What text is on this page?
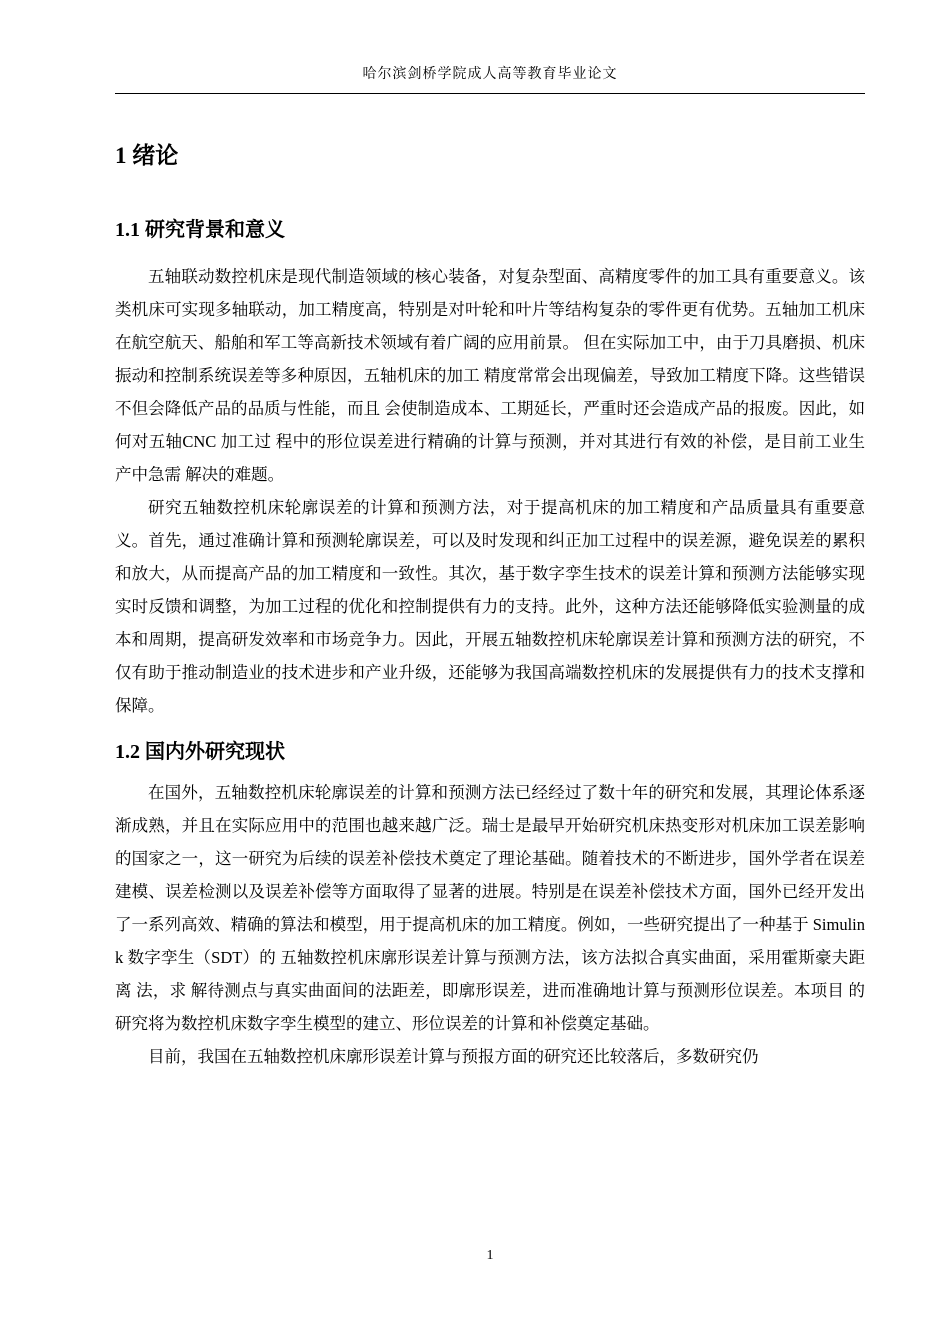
哈尔滨剑桥学院成人高等教育毕业论文
1 绪论
1.1 研究背景和意义

五轴联动数控机床是现代制造领域的核心装备，对复杂型面、高精度零件的加工具有重要意义。该类机床可实现多轴联动，加工精度高，特别是对叶轮和叶片等结构复杂的零件更有优势。五轴加工机床在航空航天、船舶和军工等高新技术领域有着广阔的应用前景。 但在实际加工中，由于刀具磨损、机床振动和控制系统误差等多种原因，五轴机床的加工 精度常常会出现偏差，导致加工精度下降。这些错误不但会降低产品的品质与性能，而且 会使制造成本、工期延长，严重时还会造成产品的报废。因此，如何对五轴CNC 加工过 程中的形位误差进行精确的计算与预测，并对其进行有效的补偿，是目前工业生产中急需 解决的难题。

研究五轴数控机床轮廓误差的计算和预测方法，对于提高机床的加工精度和产品质量具有重要意义。首先，通过准确计算和预测轮廓误差，可以及时发现和纠正加工过程中的误差源，避免误差的累积和放大，从而提高产品的加工精度和一致性。其次，基于数字孪生技术的误差计算和预测方法能够实现实时反馈和调整，为加工过程的优化和控制提供有力的支持。此外，这种方法还能够降低实验测量的成本和周期，提高研发效率和市场竞争力。因此，开展五轴数控机床轮廓误差计算和预测方法的研究，不仅有助于推动制造业的技术进步和产业升级，还能够为我国高端数控机床的发展提供有力的技术支撑和保障。

1.2 国内外研究现状

在国外，五轴数控机床轮廓误差的计算和预测方法已经经过了数十年的研究和发展，其理论体系逐渐成熟，并且在实际应用中的范围也越来越广泛。瑞士是最早开始研究机床热变形对机床加工误差影响的国家之一，这一研究为后续的误差补偿技术奠定了理论基础。随着技术的不断进步，国外学者在误差建模、误差检测以及误差补偿等方面取得了显著的进展。特别是在误差补偿技术方面，国外已经开发出了一系列高效、精确的算法和模型，用于提高机床的加工精度。例如，一些研究提出了一种基于 Simulink 数字孪生（SDT）的 五轴数控机床廓形误差计算与预测方法，该方法拟合真实曲面，采用霍斯豪夫距离 法，求 解待测点与真实曲面间的法距差，即廓形误差，进而准确地计算与预测形位误差。本项目 的研究将为数控机床数字孪生模型的建立、形位误差的计算和补偿奠定基础。

目前，我国在五轴数控机床廓形误差计算与预报方面的研究还比较落后，多数研究仍

1
